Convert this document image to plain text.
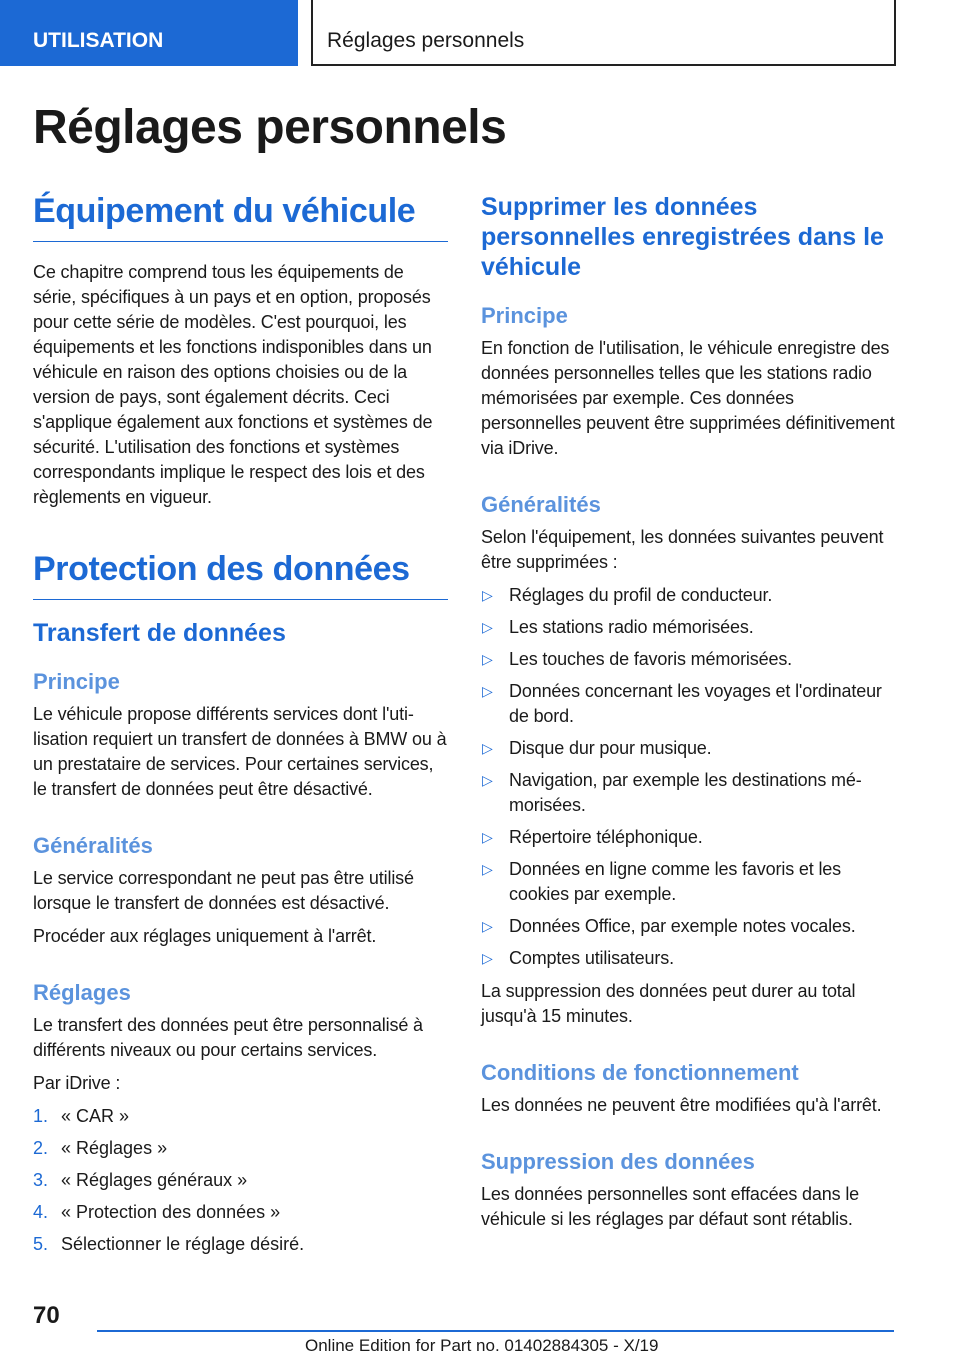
UTILISATION	Réglages personnels
Réglages personnels
Équipement du véhicule

Ce chapitre comprend tous les équipements de série, spécifiques à un pays et en option, proposés pour cette série de modèles. C'est pourquoi, les équipements et les fonctions indisponibles dans un véhicule en raison des options choisies ou de la version de pays, sont également décrits. Ceci s'applique également aux fonctions et systèmes de sécurité. L'utilisation des fonctions et systèmes correspondants implique le respect des lois et des règlements en vigueur.

Protection des données
Transfert de données
Principe

Le véhicule propose différents services dont l'utilisation requiert un transfert de données à BMW ou à un prestataire de services. Pour certaines services, le transfert de données peut être désactivé.

Généralités

Le service correspondant ne peut pas être utilisé lorsque le transfert de données est désactivé.

Procéder aux réglages uniquement à l'arrêt.

Réglages

Le transfert des données peut être personnalisé à différents niveaux ou pour certains services.

Par iDrive :

1. « CAR »
2. « Réglages »
3. « Réglages généraux »
4. « Protection des données »
5. Sélectionner le réglage désiré.
Supprimer les données personnelles enregistrées dans le véhicule
Principe

En fonction de l'utilisation, le véhicule enregistre des données personnelles telles que les stations radio mémorisées par exemple. Ces données personnelles peuvent être supprimées définitivement via iDrive.

Généralités

Selon l'équipement, les données suivantes peuvent être supprimées :

▷ Réglages du profil de conducteur.
▷ Les stations radio mémorisées.
▷ Les touches de favoris mémorisées.
▷ Données concernant les voyages et l'ordinateur de bord.
▷ Disque dur pour musique.
▷ Navigation, par exemple les destinations mémorisées.
▷ Répertoire téléphonique.
▷ Données en ligne comme les favoris et les cookies par exemple.
▷ Données Office, par exemple notes vocales.
▷ Comptes utilisateurs.

La suppression des données peut durer au total jusqu'à 15 minutes.

Conditions de fonctionnement

Les données ne peuvent être modifiées qu'à l'arrêt.

Suppression des données

Les données personnelles sont effacées dans le véhicule si les réglages par défaut sont rétablis.

70
Online Edition for Part no. 01402884305 - X/19
